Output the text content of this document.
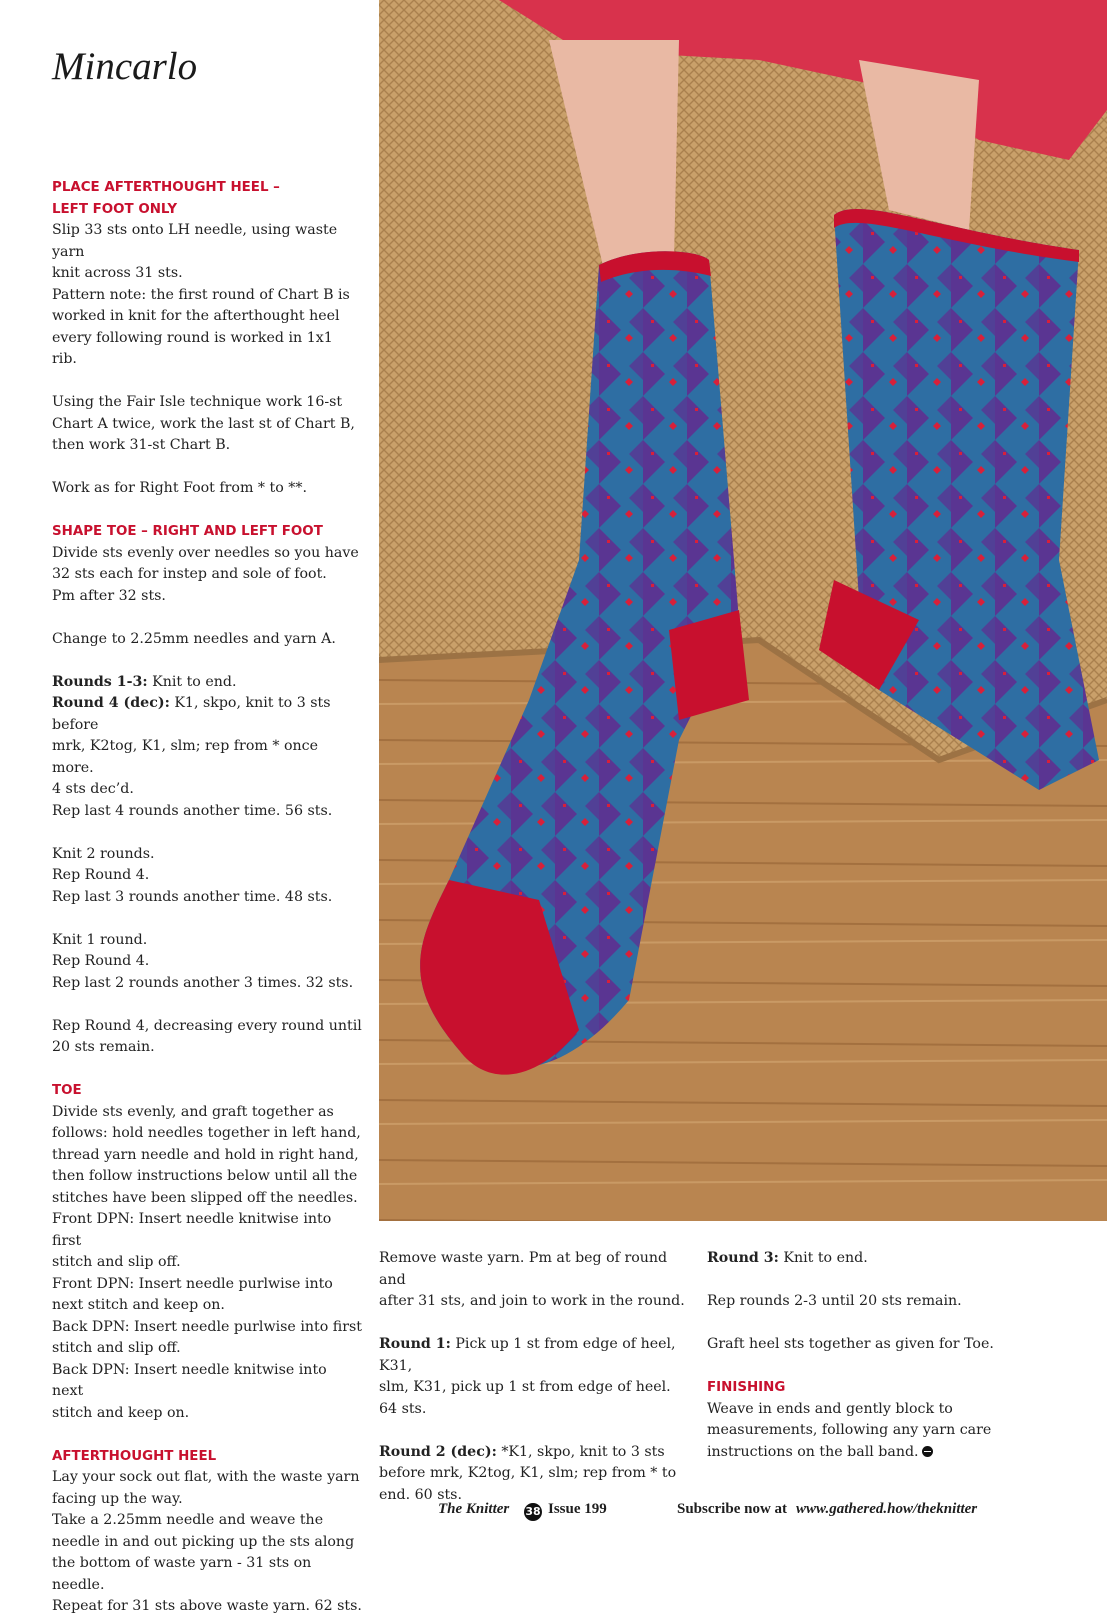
Mincarlo

PLACE AFTERTHOUGHT HEEL –

LEFT FOOT ONLY

Slip 33 sts onto LH needle, using waste yarn

knit across 31 sts.

Pattern note: the first round of Chart B is

worked in knit for the afterthought heel

every following round is worked in 1x1 rib.

Using the Fair Isle technique work 16-st

Chart A twice, work the last st of Chart B,

then work 31-st Chart B.

Work as for Right Foot from * to **.

SHAPE TOE – RIGHT AND LEFT FOOT

Divide sts evenly over needles so you have

32 sts each for instep and sole of foot.

Pm after 32 sts.

Change to 2.25mm needles and yarn A.

Rounds 1-3: Knit to end.

Round 4 (dec): K1, skpo, knit to 3 sts before

mrk, K2tog, K1, slm; rep from * once more.

4 sts dec’d.

Rep last 4 rounds another time. 56 sts.

Knit 2 rounds.

Rep Round 4.

Rep last 3 rounds another time. 48 sts.

Knit 1 round.

Rep Round 4.

Rep last 2 rounds another 3 times. 32 sts.

Rep Round 4, decreasing every round until

20 sts remain.

TOE

Divide sts evenly, and graft together as

follows: hold needles together in left hand,

thread yarn needle and hold in right hand,

then follow instructions below until all the

stitches have been slipped off the needles.

Front DPN: Insert needle knitwise into first

stitch and slip off.

Front DPN: Insert needle purlwise into

next stitch and keep on.

Back DPN: Insert needle purlwise into first

stitch and slip off.

Back DPN: Insert needle knitwise into next

stitch and keep on.

AFTERTHOUGHT HEEL

Lay your sock out flat, with the waste yarn

facing up the way.

Take a 2.25mm needle and weave the

needle in and out picking up the sts along

the bottom of waste yarn - 31 sts on needle.

Repeat for 31 sts above waste yarn. 62 sts.

Remove waste yarn. Pm at beg of round and

after 31 sts, and join to work in the round.

Round 1: Pick up 1 st from edge of heel, K31,

slm, K31, pick up 1 st from edge of heel.

64 sts.

Round 2 (dec): *K1, skpo, knit to 3 sts

before mrk, K2tog, K1, slm; rep from * to

end. 60 sts.

Round 3: Knit to end.

Rep rounds 2-3 until 20 sts remain.

Graft heel sts together as given for Toe.

FINISHING

Weave in ends and gently block to

measurements, following any yarn care

instructions on the ball band.

The Knitter 38 Issue 199	Subscribe now at www.gathered.how/theknitter
